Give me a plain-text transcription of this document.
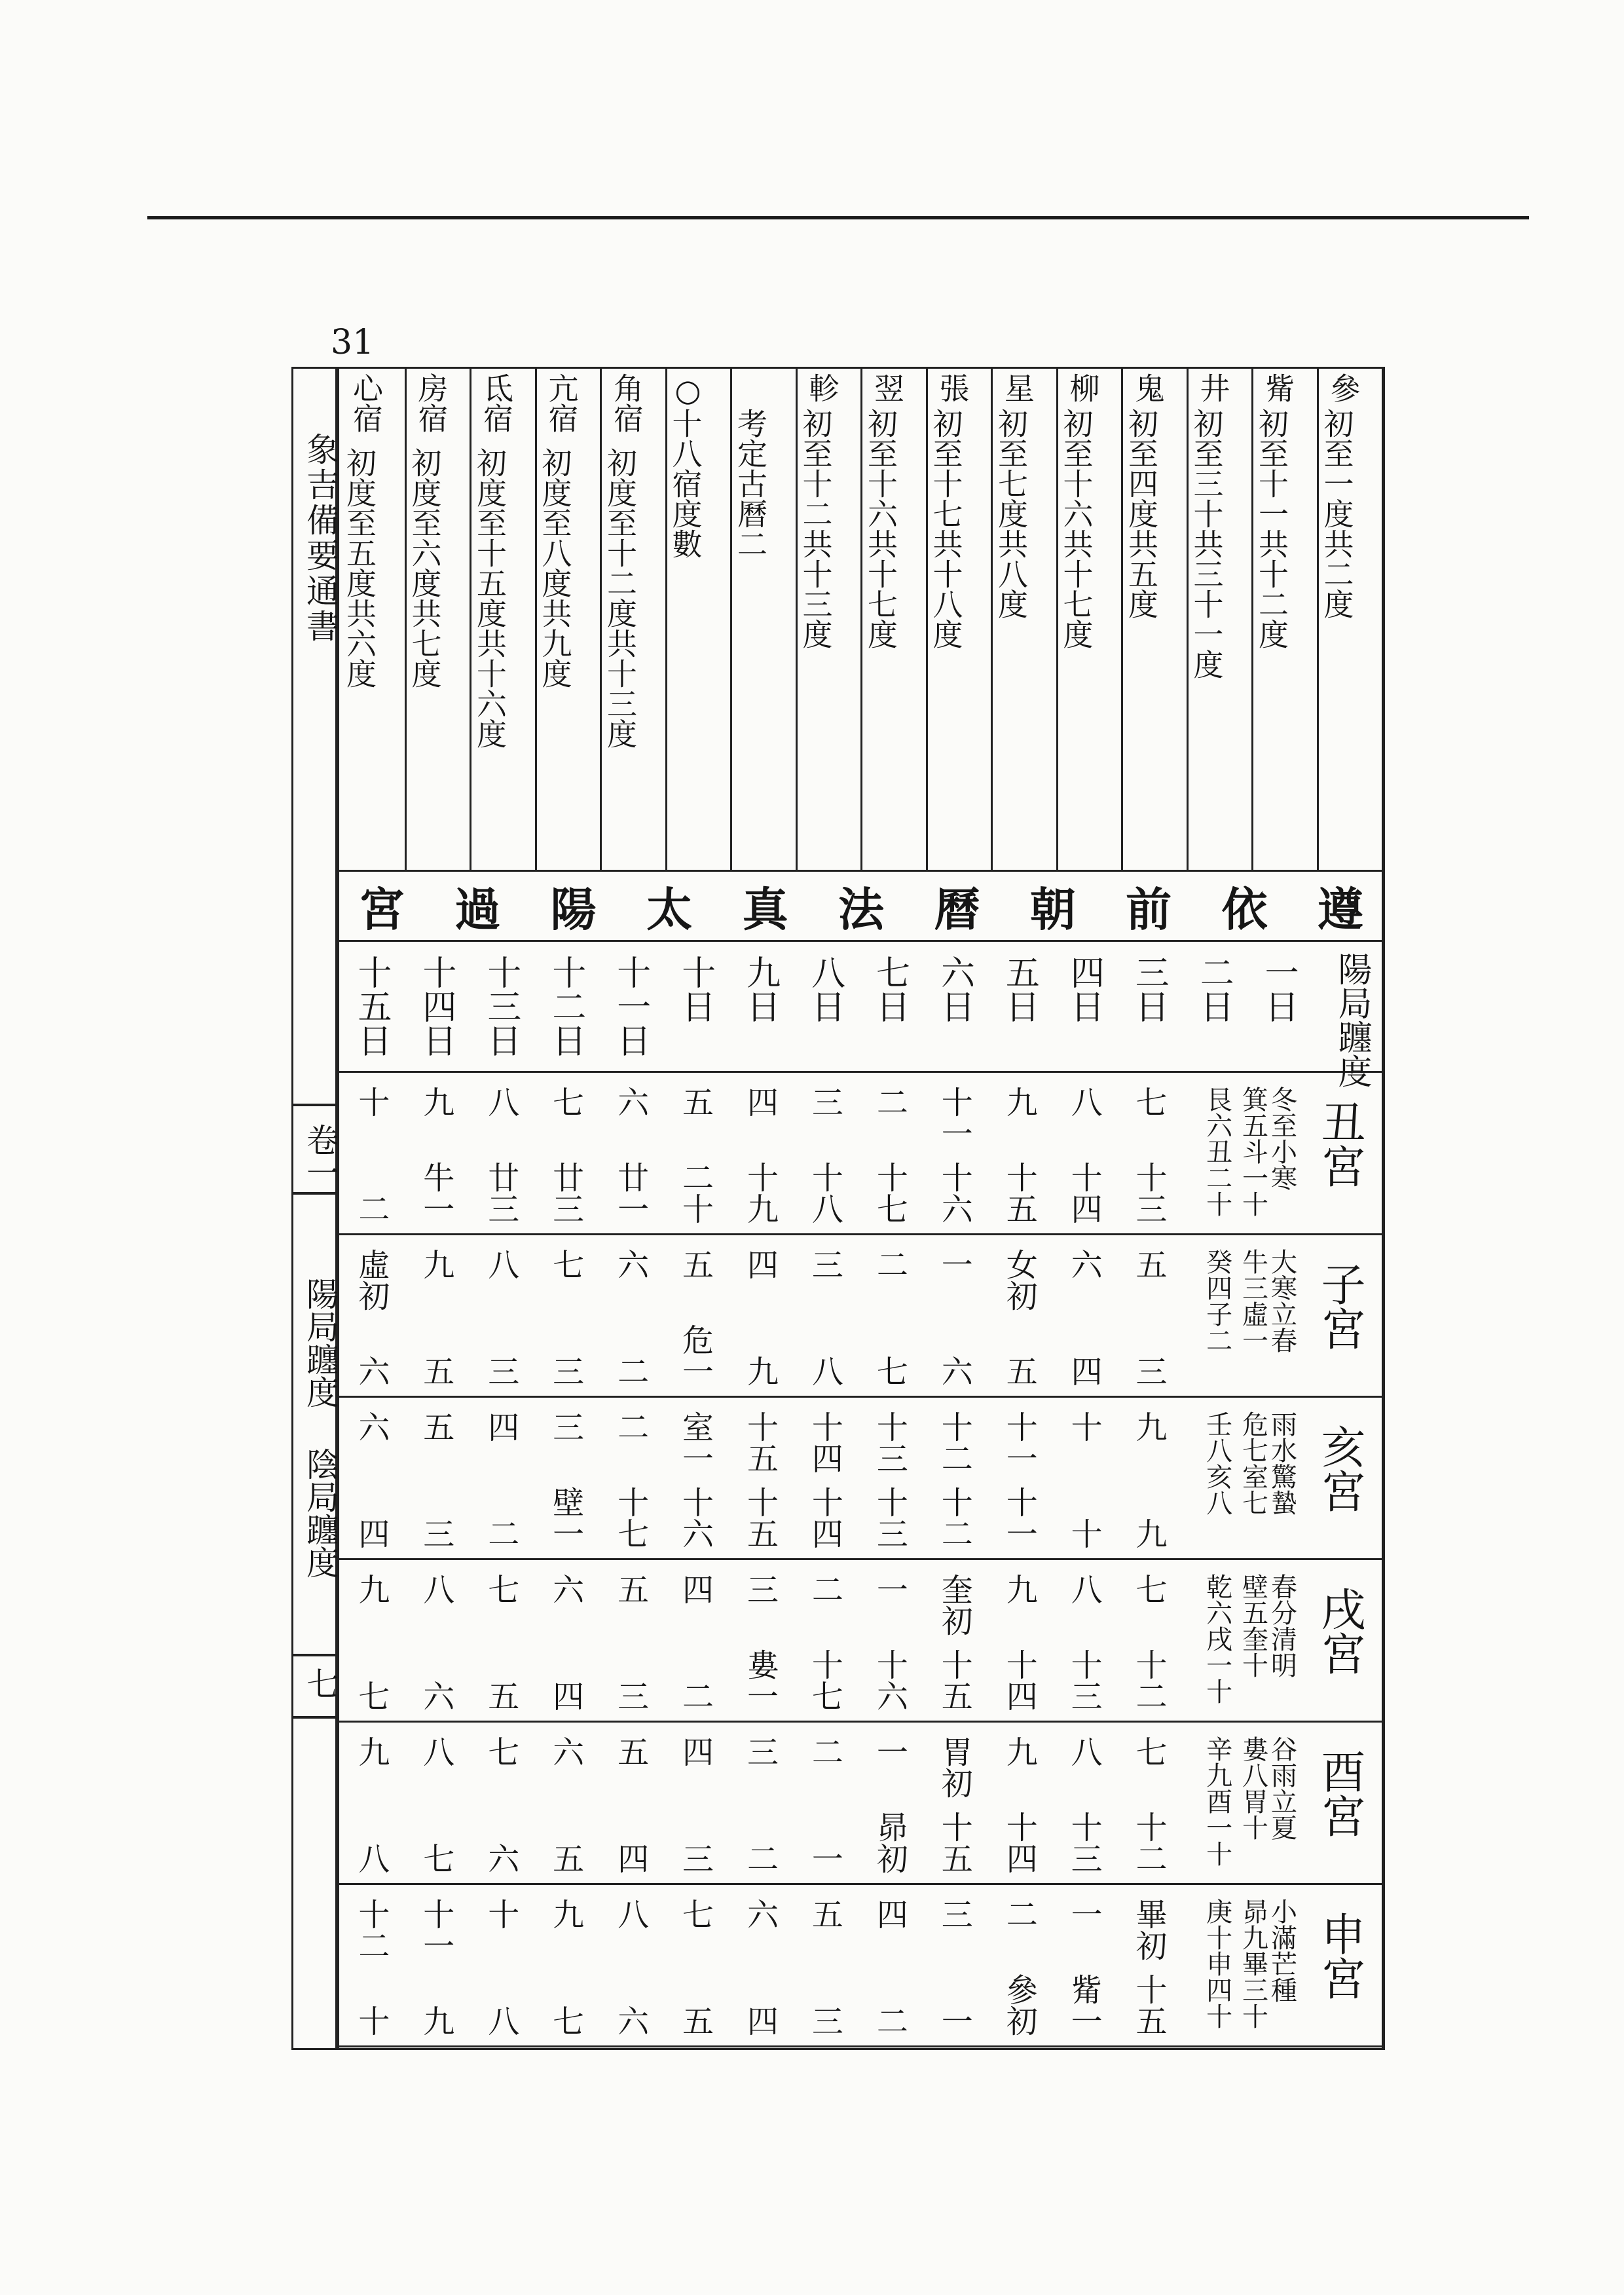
31
象吉備要通書
卷一
陽局躔度
陰局躔度
七
參
初至一度共二度
觜
初至十一共十二度
井
初至三十共三十一度
鬼
初至四度共五度
柳
初至十六共十七度
星
初至七度共八度
張
初至十七共十八度
翌
初至十六共十七度
軫
初至十二共十三度
考定古曆二
○
十八宿度數
角宿
初度至十二度共十三度
亢宿
初度至八度共九度
氐宿
初度至十五度共十六度
房宿
初度至六度共七度
心宿
初度至五度共六度
遵
依
前
朝
曆
法
真
太
陽
過
宮
陽局躔度
一日
二日
三日
四日
五日
六日
七日
八日
九日
十日
十一日
十二日
十三日
十四日
十五日
丑宮
冬至小寒
箕五斗一十
艮六丑二十
七
十三
八
十四
九
十五
十一
十六
二
十七
三
十八
四
十九
五
二十
六
廿一
七
廿三
八
廿三
九
牛一
十
二
子宮
大寒立春
牛三虛一
癸四子二
五
三
六
四
女初
五
一
六
二
七
三
八
四
九
五
危一
六
二
七
三
八
三
九
五
虛初
六
亥宮
雨水驚蟄
危七室七
壬八亥八
九
九
十
十
十一
十一
十二
十二
十三
十三
十四
十四
十五
十五
室一
十六
二
十七
三
壁一
四
二
五
三
六
四
戌宮
春分清明
壁五奎十
乾六戌一十
七
十二
八
十三
九
十四
奎初
十五
一
十六
二
十七
三
婁一
四
二
五
三
六
四
七
五
八
六
九
七
酉宮
谷雨立夏
婁八胃十
辛九酉一十
七
十二
八
十三
九
十四
胃初
十五
一
昴初
二
一
三
二
四
三
五
四
六
五
七
六
八
七
九
八
申宮
小滿芒種
昴九畢三十
庚十申四十
畢初
十五
一
觜一
二
參初
三
一
四
二
五
三
六
四
七
五
八
六
九
七
十
八
十一
九
十二
十
